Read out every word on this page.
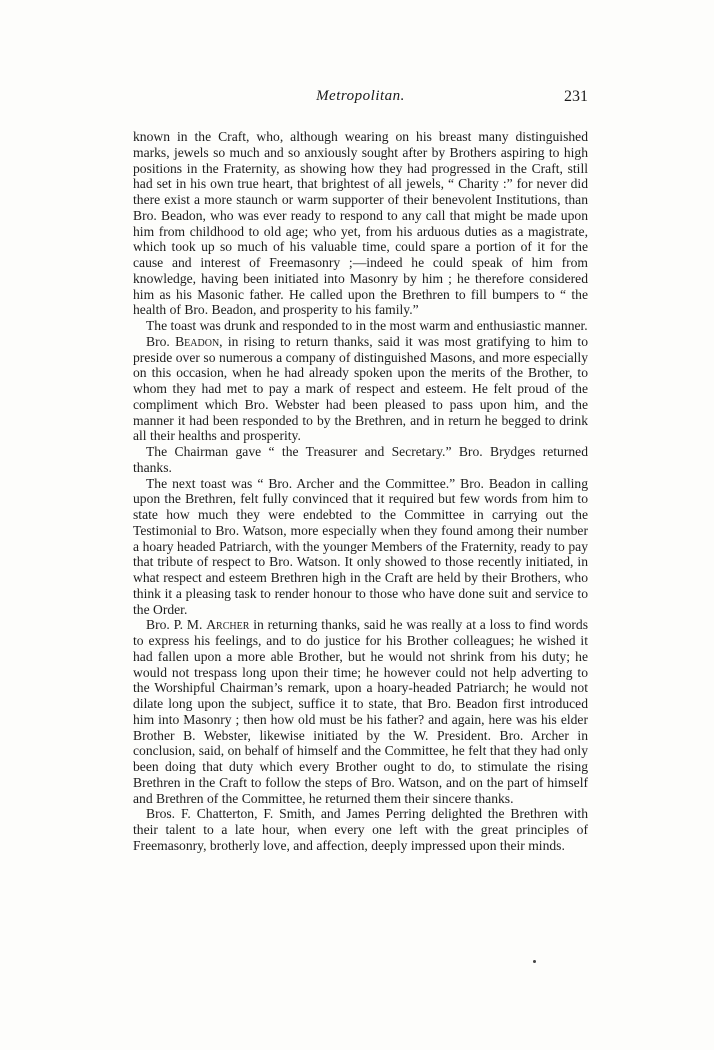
Metropolitan.	231

known in the Craft, who, although wearing on his breast many distinguished marks, jewels so much and so anxiously sought after by Brothers aspiring to high positions in the Fraternity, as showing how they had progressed in the Craft, still had set in his own true heart, that brightest of all jewels, “ Charity :” for never did there exist a more staunch or warm supporter of their benevolent Institutions, than Bro. Beadon, who was ever ready to respond to any call that might be made upon him from childhood to old age; who yet, from his arduous duties as a magistrate, which took up so much of his valuable time, could spare a portion of it for the cause and interest of Freemasonry ;—indeed he could speak of him from knowledge, having been initiated into Masonry by him ; he therefore considered him as his Masonic father. He called upon the Brethren to fill bumpers to “ the health of Bro. Beadon, and prosperity to his family.”

The toast was drunk and responded to in the most warm and enthusiastic manner.

Bro. Beadon, in rising to return thanks, said it was most gratifying to him to preside over so numerous a company of distinguished Masons, and more especially on this occasion, when he had already spoken upon the merits of the Brother, to whom they had met to pay a mark of respect and esteem. He felt proud of the compliment which Bro. Webster had been pleased to pass upon him, and the manner it had been responded to by the Brethren, and in return he begged to drink all their healths and prosperity.

The Chairman gave “ the Treasurer and Secretary.” Bro. Brydges returned thanks.

The next toast was “ Bro. Archer and the Committee.” Bro. Beadon in calling upon the Brethren, felt fully convinced that it required but few words from him to state how much they were endebted to the Committee in carrying out the Testimonial to Bro. Watson, more especially when they found among their number a hoary headed Patriarch, with the younger Members of the Fraternity, ready to pay that tribute of respect to Bro. Watson. It only showed to those recently initiated, in what respect and esteem Brethren high in the Craft are held by their Brothers, who think it a pleasing task to render honour to those who have done suit and service to the Order.

Bro. P. M. Archer in returning thanks, said he was really at a loss to find words to express his feelings, and to do justice for his Brother colleagues; he wished it had fallen upon a more able Brother, but he would not shrink from his duty; he would not trespass long upon their time; he however could not help adverting to the Worshipful Chairman’s remark, upon a hoary-headed Patriarch; he would not dilate long upon the subject, suffice it to state, that Bro. Beadon first introduced him into Masonry ; then how old must be his father? and again, here was his elder Brother B. Webster, likewise initiated by the W. President. Bro. Archer in conclusion, said, on behalf of himself and the Committee, he felt that they had only been doing that duty which every Brother ought to do, to stimulate the rising Brethren in the Craft to follow the steps of Bro. Watson, and on the part of himself and Brethren of the Committee, he returned them their sincere thanks.

Bros. F. Chatterton, F. Smith, and James Perring delighted the Brethren with their talent to a late hour, when every one left with the great principles of Freemasonry, brotherly love, and affection, deeply impressed upon their minds.
